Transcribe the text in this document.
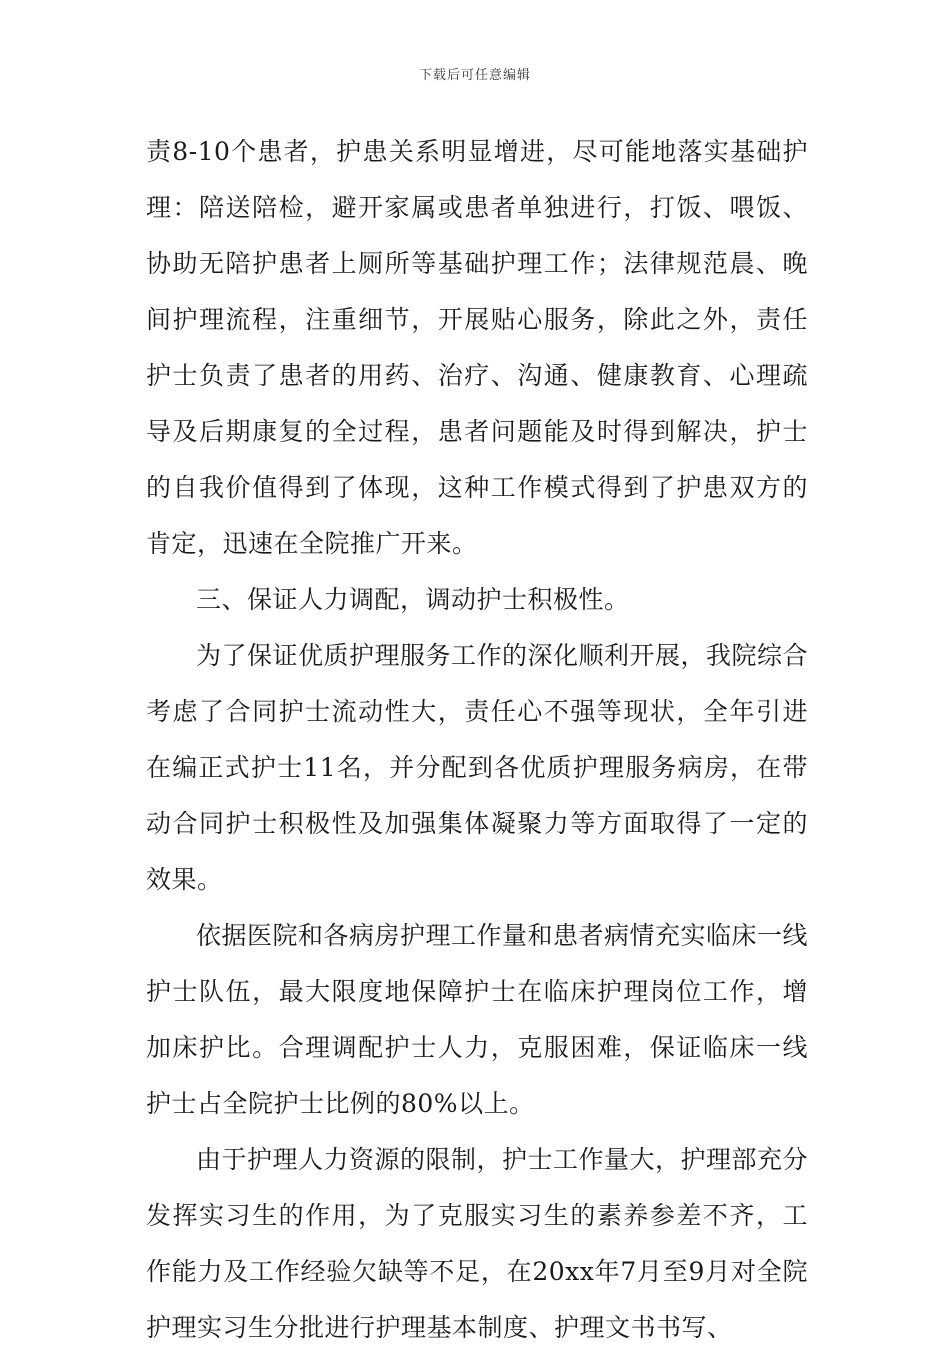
下载后可任意编辑

责8-10个患者，护患关系明显增进，尽可能地落实基础护理：陪送陪检，避开家属或患者单独进行，打饭、喂饭、协助无陪护患者上厕所等基础护理工作；法律规范晨、晚间护理流程，注重细节，开展贴心服务，除此之外，责任护士负责了患者的用药、治疗、沟通、健康教育、心理疏导及后期康复的全过程，患者问题能及时得到解决，护士的自我价值得到了体现，这种工作模式得到了护患双方的肯定，迅速在全院推广开来。

三、保证人力调配，调动护士积极性。

为了保证优质护理服务工作的深化顺利开展，我院综合考虑了合同护士流动性大，责任心不强等现状，全年引进在编正式护士11名，并分配到各优质护理服务病房，在带动合同护士积极性及加强集体凝聚力等方面取得了一定的效果。

依据医院和各病房护理工作量和患者病情充实临床一线护士队伍，最大限度地保障护士在临床护理岗位工作，增加床护比。合理调配护士人力，克服困难，保证临床一线护士占全院护士比例的80%以上。

由于护理人力资源的限制，护士工作量大，护理部充分发挥实习生的作用，为了克服实习生的素养参差不齐，工作能力及工作经验欠缺等不足，在20xx年7月至9月对全院护理实习生分批进行护理基本制度、护理文书书写、
